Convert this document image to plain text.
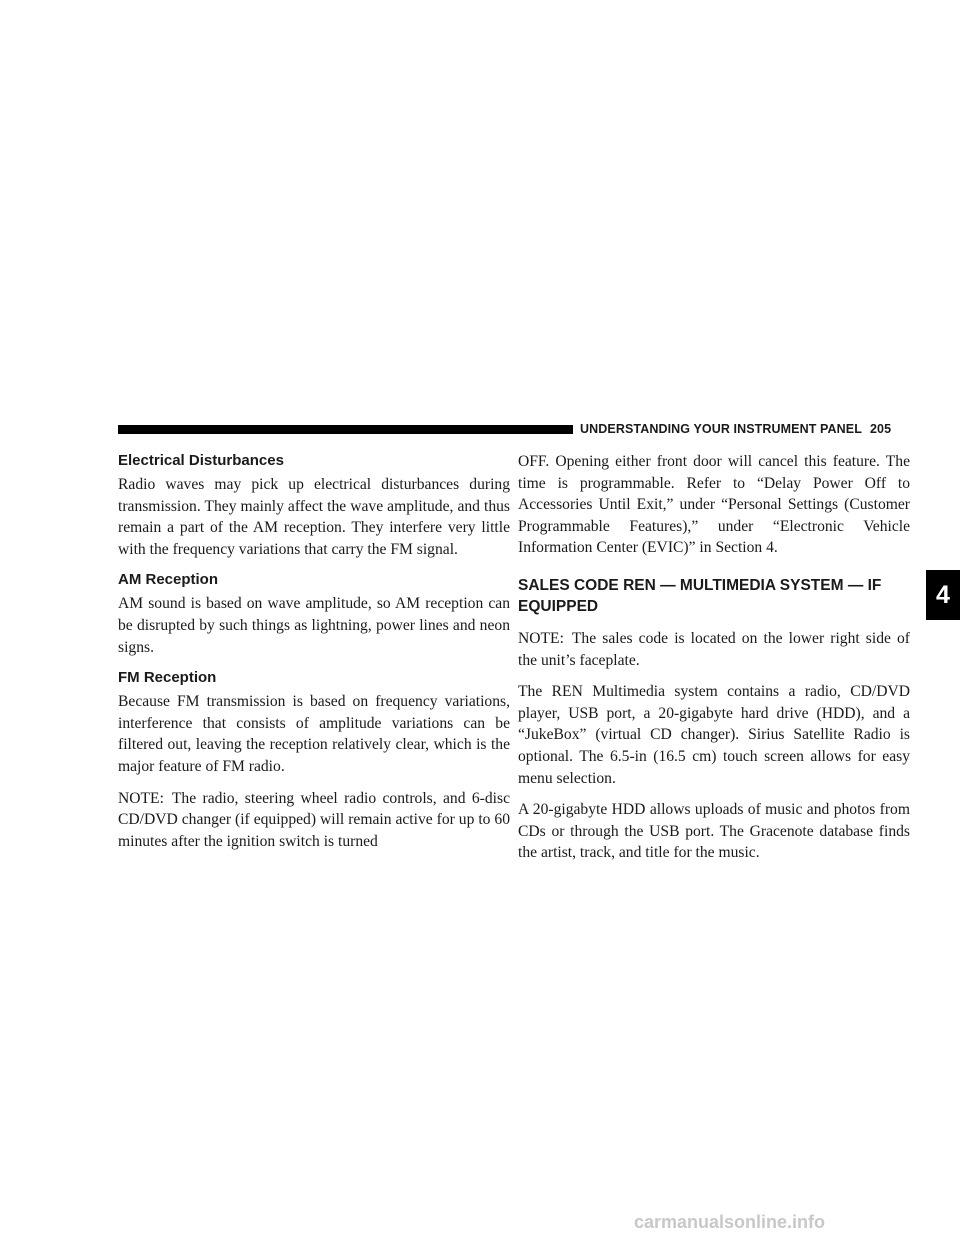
UNDERSTANDING YOUR INSTRUMENT PANEL 205
Electrical Disturbances

Radio waves may pick up electrical disturbances during transmission. They mainly affect the wave amplitude, and thus remain a part of the AM reception. They interfere very little with the frequency variations that carry the FM signal.

AM Reception

AM sound is based on wave amplitude, so AM reception can be disrupted by such things as lightning, power lines and neon signs.

FM Reception

Because FM transmission is based on frequency variations, interference that consists of amplitude variations can be filtered out, leaving the reception relatively clear, which is the major feature of FM radio.

NOTE: The radio, steering wheel radio controls, and 6-disc CD/DVD changer (if equipped) will remain active for up to 60 minutes after the ignition switch is turned

OFF. Opening either front door will cancel this feature. The time is programmable. Refer to “Delay Power Off to Accessories Until Exit,” under “Personal Settings (Customer Programmable Features),” under “Electronic Vehicle Information Center (EVIC)” in Section 4.

SALES CODE REN — MULTIMEDIA SYSTEM — IF EQUIPPED

NOTE: The sales code is located on the lower right side of the unit’s faceplate.

The REN Multimedia system contains a radio, CD/DVD player, USB port, a 20-gigabyte hard drive (HDD), and a “JukeBox” (virtual CD changer). Sirius Satellite Radio is optional. The 6.5-in (16.5 cm) touch screen allows for easy menu selection.

A 20-gigabyte HDD allows uploads of music and photos from CDs or through the USB port. The Gracenote database finds the artist, track, and title for the music.

4
carmanualsonline.info
